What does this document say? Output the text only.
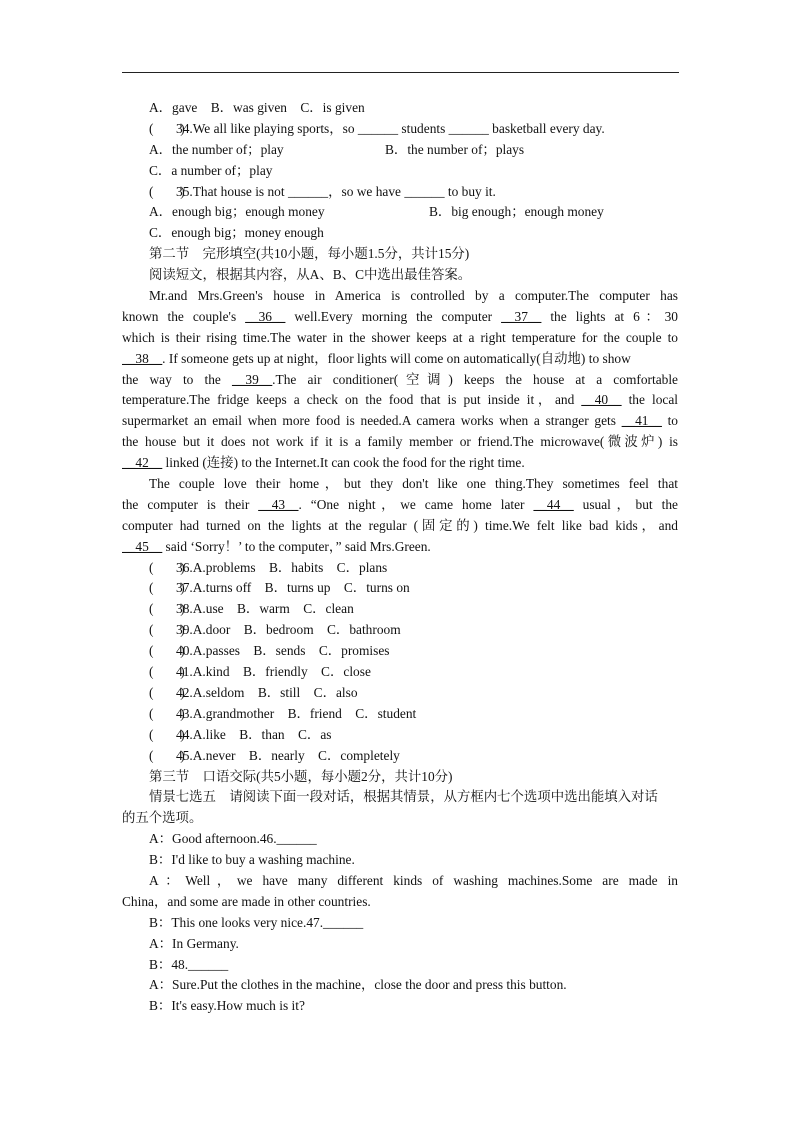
A．gave　B．was given　C．is given
(　　)
34.We all like playing sports，so ______ students ______ basketball every day.
A．the number of；play	B．the number of；plays
C．a number of；play
(　　)
35.That house is not ______，so we have ______ to buy it.
A．enough big；enough money	B．big enough；enough money
C．enough big；money enough
第二节　完形填空(共10小题，每小题1.5分，共计15分)
阅读短文，根据其内容，从A、B、C中选出最佳答案。
Mr.and Mrs.Green's house in America is controlled by a computer.The computer has
known the couple's __36__ well.Every morning the computer __37__ the lights at 6：30
which is their rising time.The water in the shower keeps at a right temperature for the couple to
__38__. If someone gets up at night，floor lights will come on automatically(自动地) to show
the way to the __39__.The air conditioner(空调) keeps the house at a comfortable
temperature.The fridge keeps a check on the food that is put inside it，and __40__ the local
supermarket an email when more food is needed.A camera works when a stranger gets __41__ to
the house but it does not work if it is a family member or friend.The microwave(微波炉) is
__42__ linked (连接) to the Internet.It can cook the food for the right time.
The couple love their home，but they don't like one thing.They sometimes feel that
the computer is their __43__. “One night，we came home later __44__ usual，but the
computer had turned on the lights at the regular (固定的) time.We felt like bad kids，and
__45__ said ‘Sorry！’ to the computer，” said Mrs.Green.
(　　)
36.A.problems　B．habits　C．plans
(　　)
37.A.turns off　B．turns up　C．turns on
(　　)
38.A.use　B．warm　C．clean
(　　)
39.A.door　B．bedroom　C．bathroom
(　　)
40.A.passes　B．sends　C．promises
(　　)
41.A.kind　B．friendly　C．close
(　　)
42.A.seldom　B．still　C．also
(　　)
43.A.grandmother　B．friend　C．student
(　　)
44.A.like　B．than　C．as
(　　)
45.A.never　B．nearly　C．completely
第三节　口语交际(共5小题，每小题2分，共计10分)
情景七选五　请阅读下面一段对话，根据其情景，从方框内七个选项中选出能填入对话
的五个选项。
A：Good afternoon.46.______
B：I'd like to buy a washing machine.
A：Well，we have many different kinds of washing machines.Some are made in
China，and some are made in other countries.
B：This one looks very nice.47.______
A：In Germany.
B：48.______
A：Sure.Put the clothes in the machine，close the door and press this button.
B：It's easy.How much is it?
